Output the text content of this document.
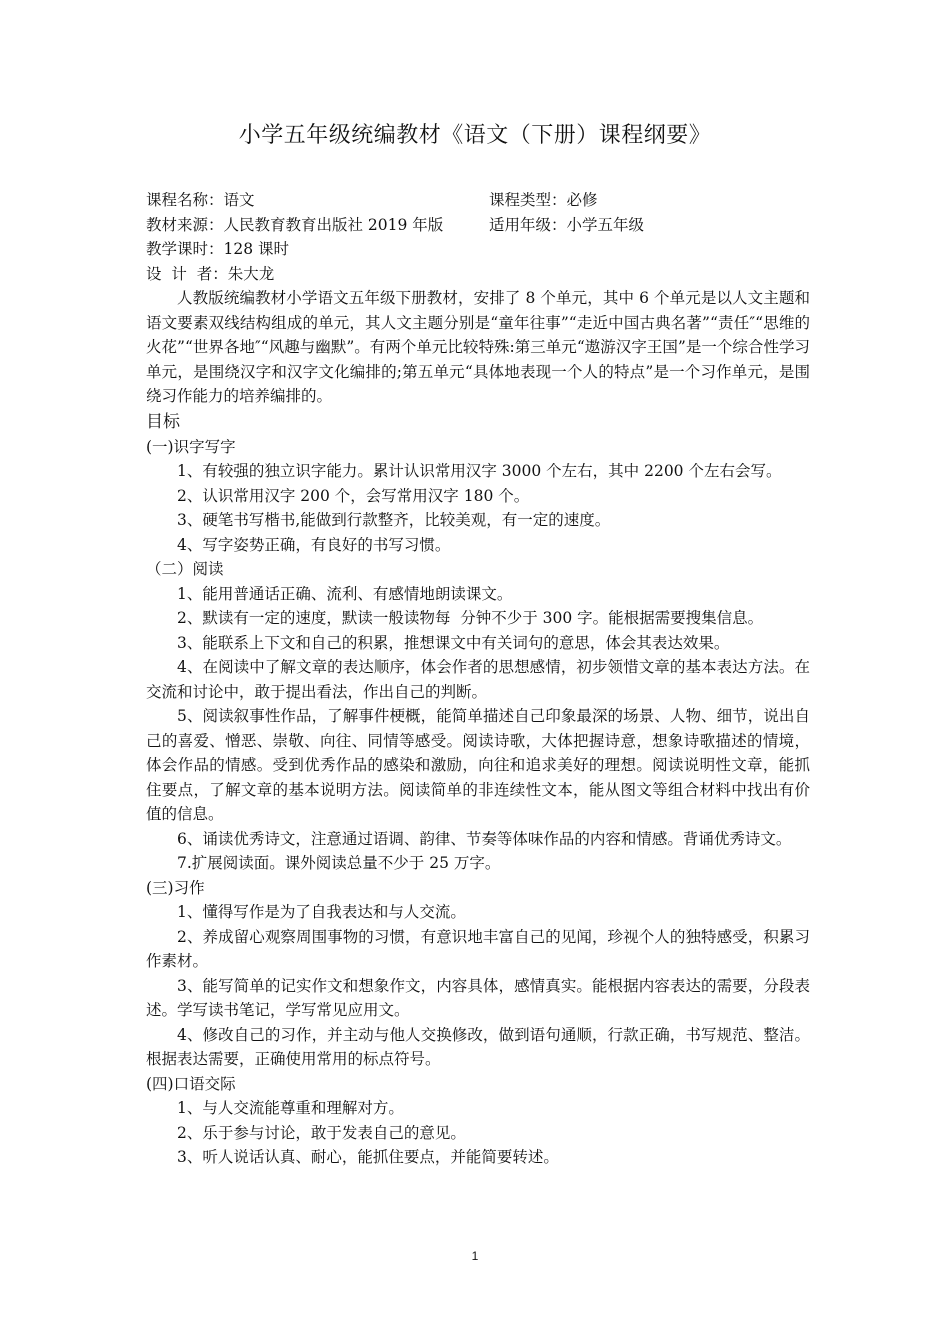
小学五年级统编教材《语文（下册）课程纲要》
课程名称：语文	课程类型：必修
教材来源：人民教育教育出版社 2019 年版	适用年级：小学五年级
教学课时：128 课时
设  计  者：朱大龙

人教版统编教材小学语文五年级下册教材，安排了 8 个单元，其中 6 个单元是以人文主题和语文要素双线结构组成的单元，其人文主题分别是“童年往事”“走近中国古典名著”“责任″“思维的火花”“世界各地″“风趣与幽默”。有两个单元比较特殊:第三单元“遨游汉字王国”是一个综合性学习单元，是围绕汉字和汉字文化编排的;第五单元“具体地表现一个人的特点”是一个习作单元，是围绕习作能力的培养编排的。

目标
(一)识字写字

1、有较强的独立识字能力。累计认识常用汉字 3000 个左右，其中 2200 个左右会写。

2、认识常用汉字 200 个，会写常用汉字 180 个。

3、硬笔书写楷书,能做到行款整齐，比较美观，有一定的速度。

4、写字姿势正确，有良好的书写习惯。

（二）阅读

1、能用普通话正确、流利、有感情地朗读课文。

2、默读有一定的速度，默读一般读物每  分钟不少于 300 字。能根据需要搜集信息。

3、能联系上下文和自己的积累，推想课文中有关词句的意思，体会其表达效果。

4、在阅读中了解文章的表达顺序，体会作者的思想感情，初步领惜文章的基本表达方法。在交流和讨论中，敢于提出看法，作出自己的判断。

5、阅读叙事性作品，了解事件梗概，能简单描述自己印象最深的场景、人物、细节，说出自己的喜爱、憎恶、崇敬、向往、同情等感受。阅读诗歌，大体把握诗意，想象诗歌描述的情境，体会作品的情感。受到优秀作品的感染和激励，向往和追求美好的理想。阅读说明性文章，能抓住要点，了解文章的基本说明方法。阅读简单的非连续性文本，能从图文等组合材料中找出有价值的信息。

6、诵读优秀诗文，注意通过语调、韵律、节奏等体味作品的内容和情感。背诵优秀诗文。

7.扩展阅读面。课外阅读总量不少于 25 万字。

(三)习作

1、懂得写作是为了自我表达和与人交流。

2、养成留心观察周围事物的习惯，有意识地丰富自己的见闻，珍视个人的独特感受，积累习作素材。

3、能写简单的记实作文和想象作文，内容具体，感情真实。能根据内容表达的需要，分段表述。学写读书笔记，学写常见应用文。

4、修改自己的习作，并主动与他人交换修改，做到语句通顺，行款正确，书写规范、整洁。根据表达需要，正确使用常用的标点符号。

(四)口语交际

1、与人交流能尊重和理解对方。

2、乐于参与讨论，敢于发表自己的意见。

3、听人说话认真、耐心，能抓住要点，并能简要转述。

1
